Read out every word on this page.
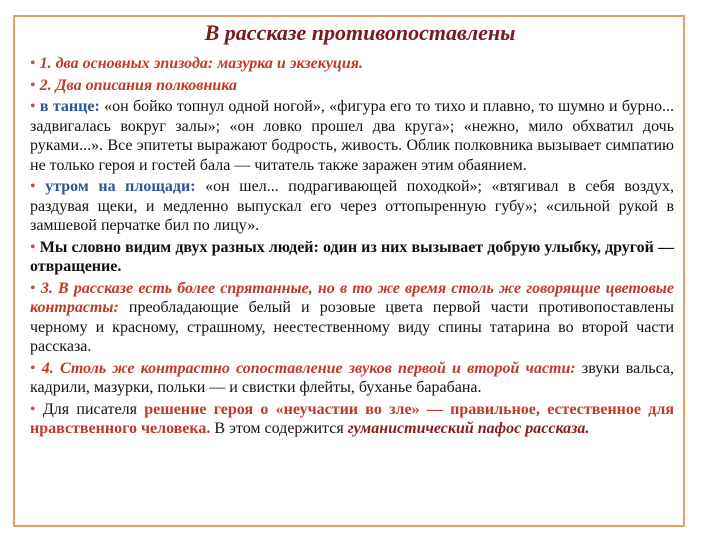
В рассказе противопоставлены

• 1. два основных эпизода: мазурка и экзекуция.

• 2. Два описания полковника

• в танце: «он бойко топнул одной ногой», «фигура его то тихо и плавно, то шумно и бурно... задвигалась вокруг залы»; «он ловко прошел два круга»; «нежно, мило обхватил дочь руками...». Все эпитеты выражают бодрость, живость. Облик полковника вызывает симпатию не только героя и гостей бала — читатель также заражен этим обаянием.

• утром на площади: «он шел... подрагивающей походкой»; «втягивал в себя воздух, раздувая щеки, и медленно выпускал его через оттопыренную губу»; «сильной рукой в замшевой перчатке бил по лицу».

• Мы словно видим двух разных людей: один из них вызывает добрую улыбку, другой — отвращение.

• 3. В рассказе есть более спрятанные, но в то же время столь же говорящие цветовые контрасты: преобладающие белый и розовые цвета первой части противопоставлены черному и красному, страшному, неестественному виду спины татарина во второй части рассказа.

• 4. Столь же контрастно сопоставление звуков первой и второй части: звуки вальса, кадрили, мазурки, польки — и свистки флейты, буханье барабана.

• Для писателя решение героя о «неучастии во зле» — правильное, естественное для нравственного человека. В этом содержится гуманистический пафос рассказа.
